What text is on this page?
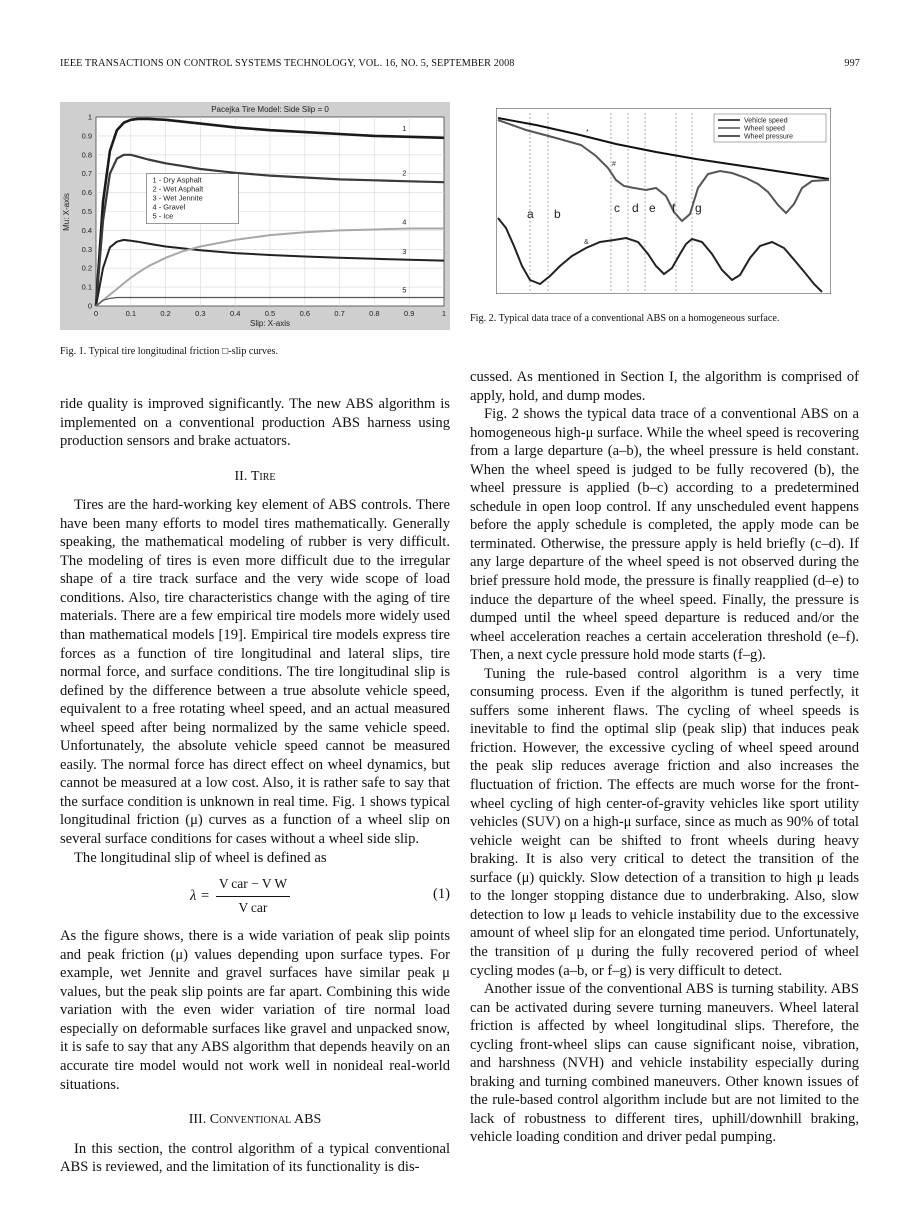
IEEE TRANSACTIONS ON CONTROL SYSTEMS TECHNOLOGY, VOL. 16, NO. 5, SEPTEMBER 2008	997
Pacejka Tire Model: Side Slip = 0
0	0.1	0.2	0.3	0.4	0.5	0.6	0.7	0.8	0.9	1
0
0.1
0.2
0.3
0.4
0.5
0.6
0.7
0.8
0.9
1
1
2
3
4
5
1 - Dry Asphalt
2 - Wet Asphalt
3 - Wet Jennite
4 - Gravel
5 - Ice
Slip: X-axis
Mu: X-axis
Fig. 1. Typical tire longitudinal friction □-slip curves.
Vehicle speed
Wheel speed
Wheel pressure
a b	c d e f g
*
#
&
Fig. 2. Typical data trace of a conventional ABS on a homogeneous surface.

ride quality is improved significantly. The new ABS algorithm is implemented on a conventional production ABS harness using production sensors and brake actuators.

II. Tire

Tires are the hard-working key element of ABS controls. There have been many efforts to model tires mathematically. Generally speaking, the mathematical modeling of rubber is very difficult. The modeling of tires is even more difficult due to the irregular shape of a tire track surface and the very wide scope of load conditions. Also, tire characteristics change with the aging of tire materials. There are a few empirical tire models more widely used than mathematical models [19]. Empirical tire models express tire forces as a function of tire longitudinal and lateral slips, tire normal force, and surface conditions. The tire longitudinal slip is defined by the difference between a true absolute vehicle speed, equivalent to a free rotating wheel speed, and an actual measured wheel speed after being normalized by the same vehicle speed. Unfortunately, the absolute vehicle speed cannot be measured easily. The normal force has direct effect on wheel dynamics, but cannot be measured at a low cost. Also, it is rather safe to say that the surface condition is unknown in real time. Fig. 1 shows typical longitudinal friction (μ) curves as a function of a wheel slip on several surface conditions for cases without a wheel side slip.

The longitudinal slip of wheel is defined as

$\lambda = \frac{\text{V car − V W}}{\text{V car}}$	(1)

As the figure shows, there is a wide variation of peak slip points and peak friction (μ) values depending upon surface types. For example, wet Jennite and gravel surfaces have similar peak μ values, but the peak slip points are far apart. Combining this wide variation with the even wider variation of tire normal load especially on deformable surfaces like gravel and unpacked snow, it is safe to say that any ABS algorithm that depends heavily on an accurate tire model would not work well in nonideal real-world situations.

III. Conventional ABS

In this section, the control algorithm of a typical conventional ABS is reviewed, and the limitation of its functionality is dis-

cussed. As mentioned in Section I, the algorithm is comprised of apply, hold, and dump modes.

Fig. 2 shows the typical data trace of a conventional ABS on a homogeneous high-μ surface. While the wheel speed is recovering from a large departure (a–b), the wheel pressure is held constant. When the wheel speed is judged to be fully recovered (b), the wheel pressure is applied (b–c) according to a predetermined schedule in open loop control. If any unscheduled event happens before the apply schedule is completed, the apply mode can be terminated. Otherwise, the pressure apply is held briefly (c–d). If any large departure of the wheel speed is not observed during the brief pressure hold mode, the pressure is finally reapplied (d–e) to induce the departure of the wheel speed. Finally, the pressure is dumped until the wheel speed departure is reduced and/or the wheel acceleration reaches a certain acceleration threshold (e–f). Then, a next cycle pressure hold mode starts (f–g).

Tuning the rule-based control algorithm is a very time consuming process. Even if the algorithm is tuned perfectly, it suffers some inherent flaws. The cycling of wheel speeds is inevitable to find the optimal slip (peak slip) that induces peak friction. However, the excessive cycling of wheel speed around the peak slip reduces average friction and also increases the fluctuation of friction. The effects are much worse for the front-wheel cycling of high center-of-gravity vehicles like sport utility vehicles (SUV) on a high-μ surface, since as much as 90% of total vehicle weight can be shifted to front wheels during heavy braking. It is also very critical to detect the transition of the surface (μ) quickly. Slow detection of a transition to high μ leads to the longer stopping distance due to underbraking. Also, slow detection to low μ leads to vehicle instability due to the excessive amount of wheel slip for an elongated time period. Unfortunately, the transition of μ during the fully recovered period of wheel cycling modes (a–b, or f–g) is very difficult to detect.

Another issue of the conventional ABS is turning stability. ABS can be activated during severe turning maneuvers. Wheel lateral friction is affected by wheel longitudinal slips. Therefore, the cycling front-wheel slips can cause significant noise, vibration, and harshness (NVH) and vehicle instability especially during braking and turning combined maneuvers. Other known issues of the rule-based control algorithm include but are not limited to the lack of robustness to different tires, uphill/downhill braking, vehicle loading condition and driver pedal pumping.
